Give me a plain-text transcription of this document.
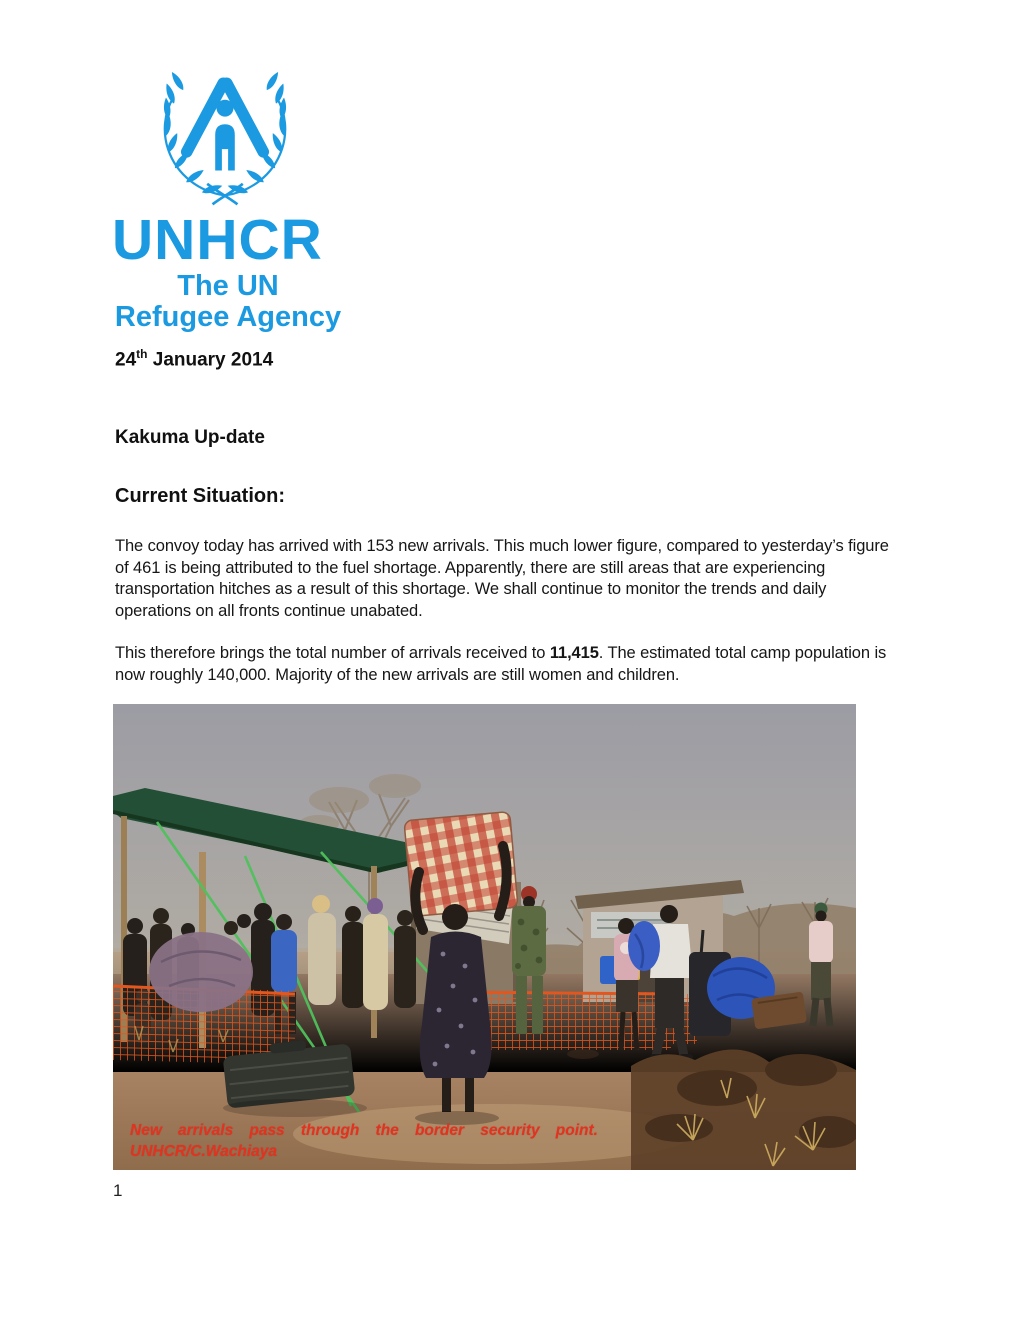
UNHCR
The UN
Refugee Agency
24th January 2014
Kakuma Up-date
Current Situation:
The convoy today has arrived with 153 new arrivals. This much lower figure, compared to yesterday’s figure of 461 is being attributed to the fuel shortage. Apparently, there are still areas that are experiencing transportation hitches as a result of this shortage. We shall continue to monitor the trends and daily operations on all fronts continue unabated.
This therefore brings the total number of arrivals received to 11,415. The estimated total camp population is now roughly 140,000. Majority of the new arrivals are still women and children.
New arrivals pass through the border security point.
UNHCR/C.Wachiaya
1
